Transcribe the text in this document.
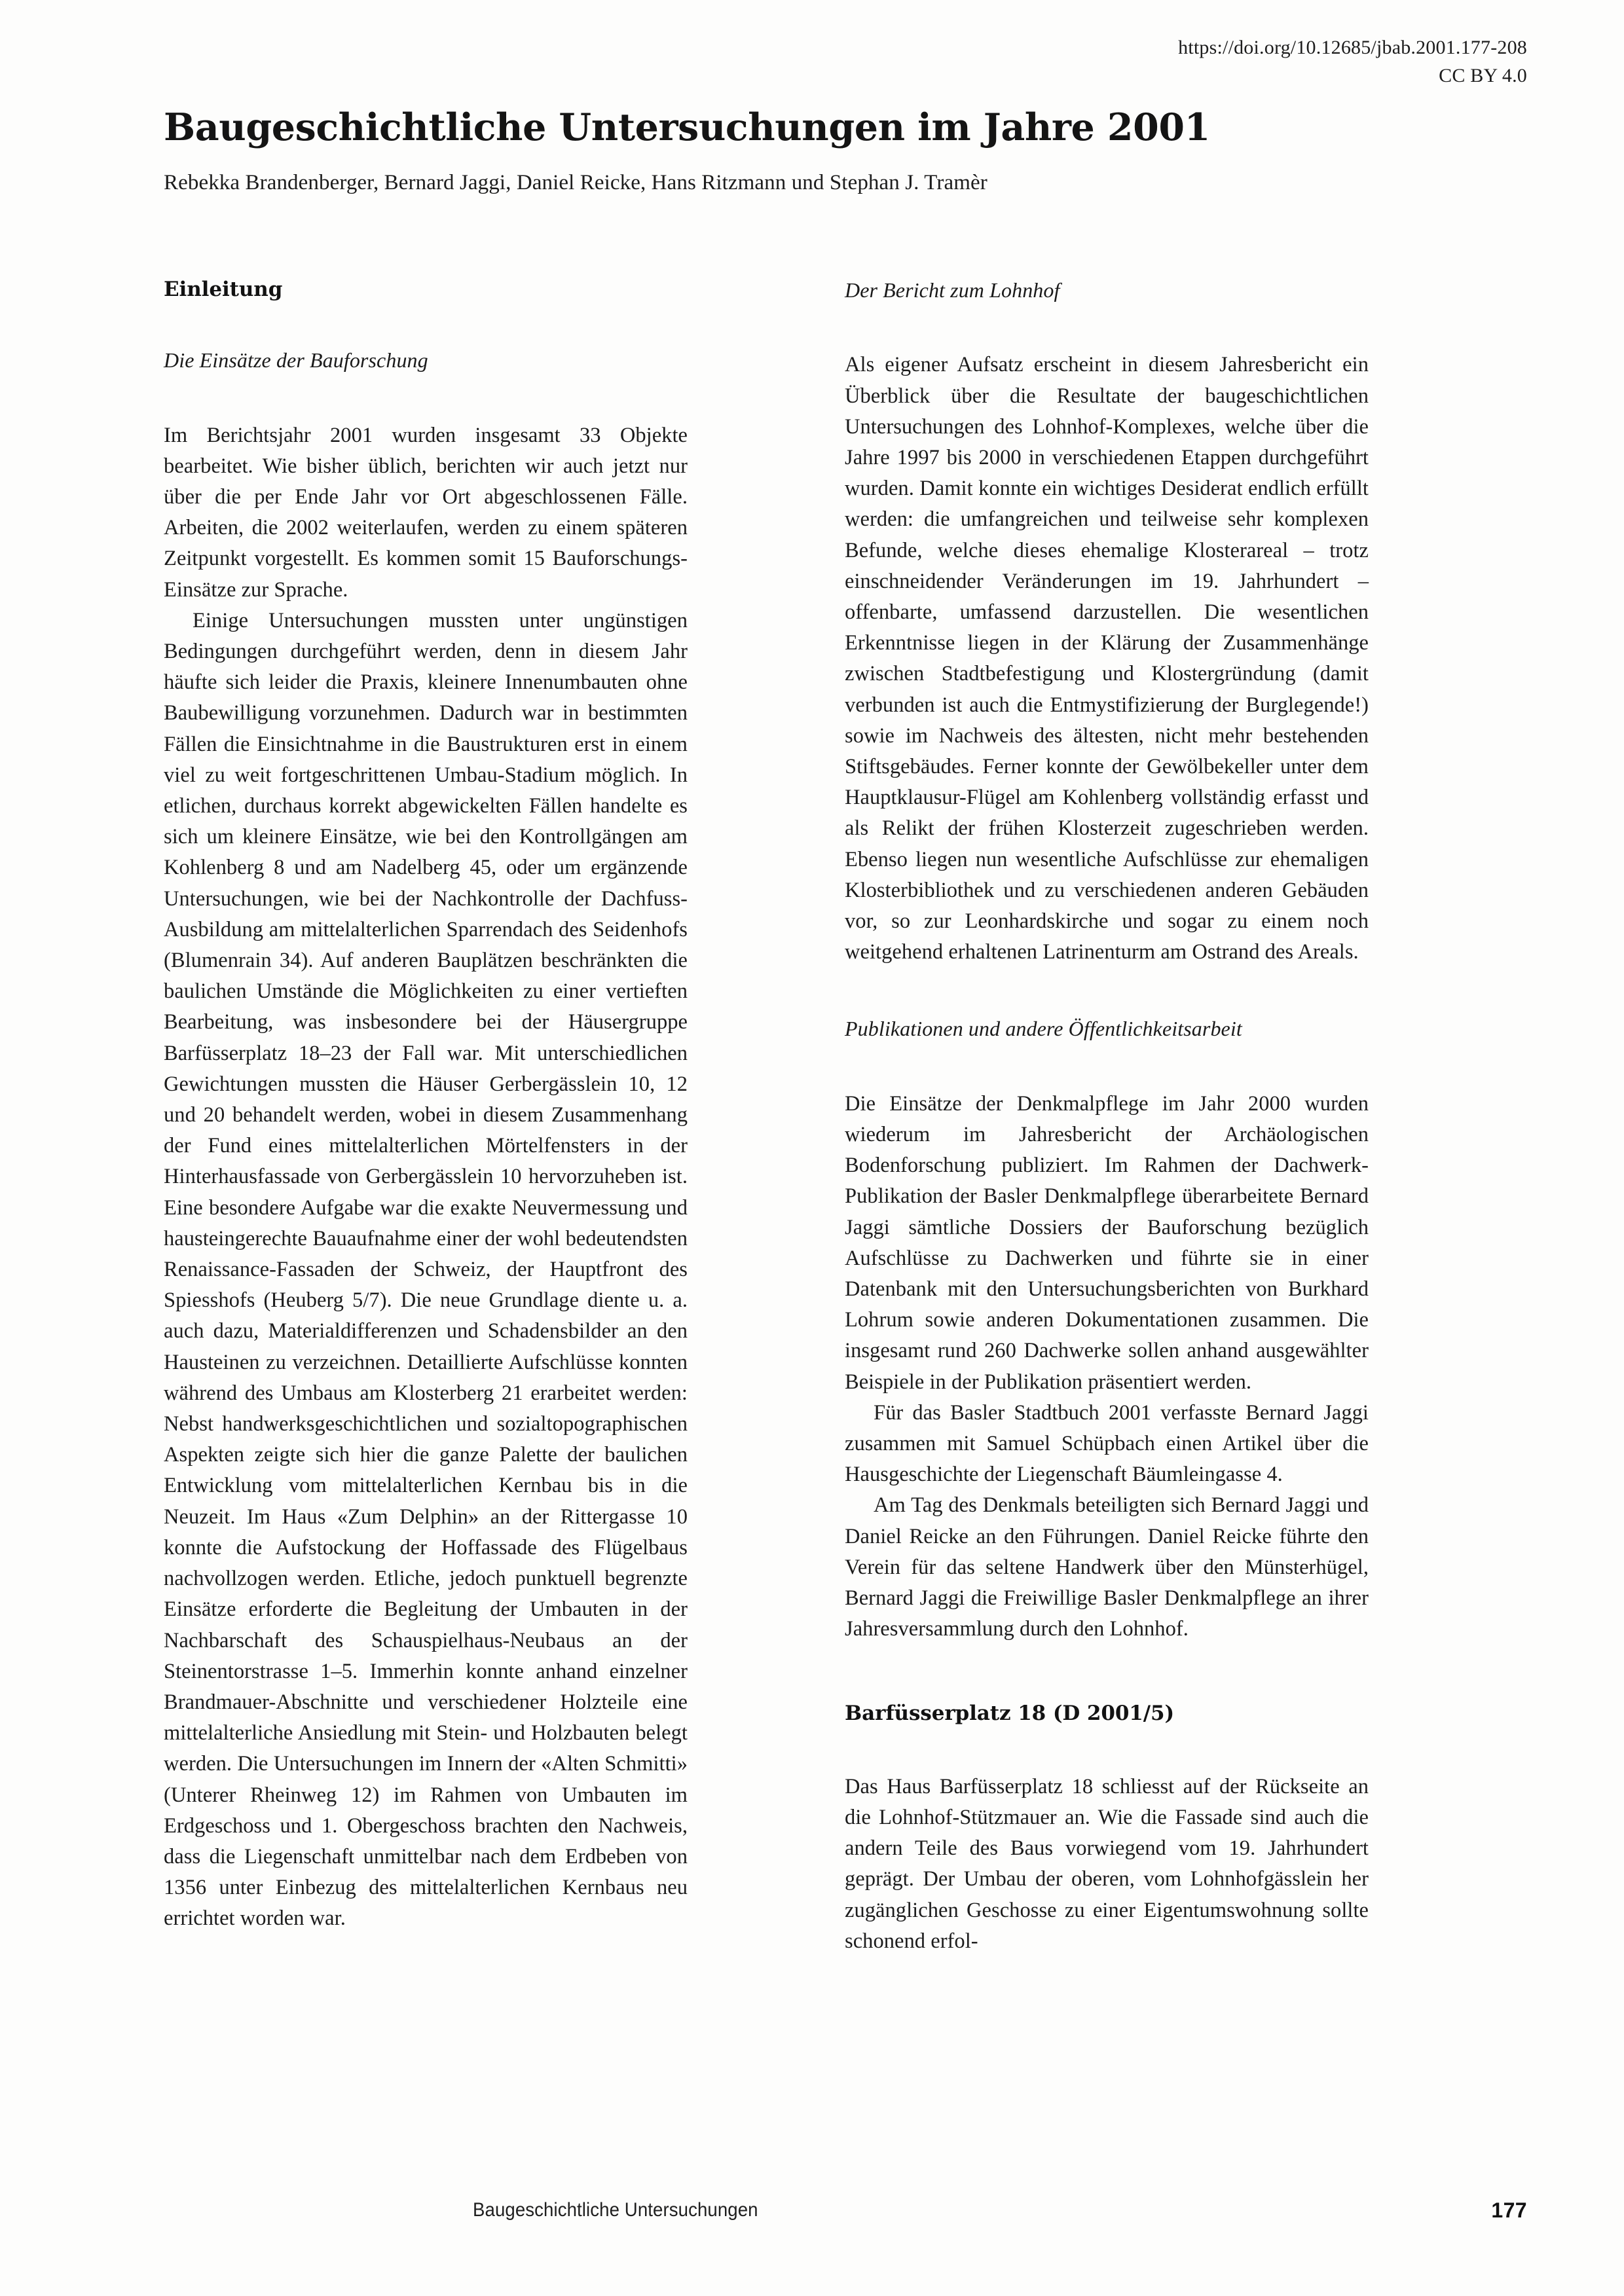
https://doi.org/10.12685/jbab.2001.177-208
CC BY 4.0
Baugeschichtliche Untersuchungen im Jahre 2001
Rebekka Brandenberger, Bernard Jaggi, Daniel Reicke, Hans Ritzmann und Stephan J. Tramèr
Einleitung
Die Einsätze der Bauforschung

Im Berichtsjahr 2001 wurden insgesamt 33 Objekte bearbeitet. Wie bisher üblich, berichten wir auch jetzt nur über die per Ende Jahr vor Ort abgeschlossenen Fälle. Arbeiten, die 2002 weiterlaufen, werden zu einem späteren Zeitpunkt vorgestellt. Es kommen somit 15 Bauforschungs-Einsätze zur Sprache.

Einige Untersuchungen mussten unter ungünstigen Bedingungen durchgeführt werden, denn in diesem Jahr häufte sich leider die Praxis, kleinere Innenumbauten ohne Baubewilligung vorzunehmen. Dadurch war in bestimmten Fällen die Einsichtnahme in die Baustrukturen erst in einem viel zu weit fortgeschrittenen Umbau-Stadium möglich. In etlichen, durchaus korrekt abgewickelten Fällen handelte es sich um kleinere Einsätze, wie bei den Kontrollgängen am Kohlenberg 8 und am Nadelberg 45, oder um ergänzende Untersuchungen, wie bei der Nachkontrolle der Dachfuss-Ausbildung am mittelalterlichen Sparrendach des Seidenhofs (Blumenrain 34). Auf anderen Bauplätzen beschränkten die baulichen Umstände die Möglichkeiten zu einer vertieften Bearbeitung, was insbesondere bei der Häusergruppe Barfüsserplatz 18–23 der Fall war. Mit unterschiedlichen Gewichtungen mussten die Häuser Gerbergässlein 10, 12 und 20 behandelt werden, wobei in diesem Zusammenhang der Fund eines mittelalterlichen Mörtelfensters in der Hinterhausfassade von Gerbergässlein 10 hervorzuheben ist. Eine besondere Aufgabe war die exakte Neuvermessung und hausteingerechte Bauaufnahme einer der wohl bedeutendsten Renaissance-Fassaden der Schweiz, der Hauptfront des Spiesshofs (Heuberg 5/7). Die neue Grundlage diente u. a. auch dazu, Materialdifferenzen und Schadensbilder an den Hausteinen zu verzeichnen. Detaillierte Aufschlüsse konnten während des Umbaus am Klosterberg 21 erarbeitet werden: Nebst handwerksgeschichtlichen und sozialtopographischen Aspekten zeigte sich hier die ganze Palette der baulichen Entwicklung vom mittelalterlichen Kernbau bis in die Neuzeit. Im Haus «Zum Delphin» an der Rittergasse 10 konnte die Aufstockung der Hoffassade des Flügelbaus nachvollzogen werden. Etliche, jedoch punktuell begrenzte Einsätze erforderte die Begleitung der Umbauten in der Nachbarschaft des Schauspielhaus-Neubaus an der Steinentorstrasse 1–5. Immerhin konnte anhand einzelner Brandmauer-Abschnitte und verschiedener Holzteile eine mittelalterliche Ansiedlung mit Stein- und Holzbauten belegt werden. Die Untersuchungen im Innern der «Alten Schmitti» (Unterer Rheinweg 12) im Rahmen von Umbauten im Erdgeschoss und 1. Obergeschoss brachten den Nachweis, dass die Liegenschaft unmittelbar nach dem Erdbeben von 1356 unter Einbezug des mittelalterlichen Kernbaus neu errichtet worden war.

Der Bericht zum Lohnhof

Als eigener Aufsatz erscheint in diesem Jahresbericht ein Überblick über die Resultate der baugeschichtlichen Untersuchungen des Lohnhof-Komplexes, welche über die Jahre 1997 bis 2000 in verschiedenen Etappen durchgeführt wurden. Damit konnte ein wichtiges Desiderat endlich erfüllt werden: die umfangreichen und teilweise sehr komplexen Befunde, welche dieses ehemalige Klosterareal – trotz einschneidender Veränderungen im 19. Jahrhundert – offenbarte, umfassend darzustellen. Die wesentlichen Erkenntnisse liegen in der Klärung der Zusammenhänge zwischen Stadtbefestigung und Klostergründung (damit verbunden ist auch die Entmystifizierung der Burglegende!) sowie im Nachweis des ältesten, nicht mehr bestehenden Stiftsgebäudes. Ferner konnte der Gewölbekeller unter dem Hauptklausur-Flügel am Kohlenberg vollständig erfasst und als Relikt der frühen Klosterzeit zugeschrieben werden. Ebenso liegen nun wesentliche Aufschlüsse zur ehemaligen Klosterbibliothek und zu verschiedenen anderen Gebäuden vor, so zur Leonhardskirche und sogar zu einem noch weitgehend erhaltenen Latrinenturm am Ostrand des Areals.

Publikationen und andere Öffentlichkeitsarbeit

Die Einsätze der Denkmalpflege im Jahr 2000 wurden wiederum im Jahresbericht der Archäologischen Bodenforschung publiziert. Im Rahmen der Dachwerk-Publikation der Basler Denkmalpflege überarbeitete Bernard Jaggi sämtliche Dossiers der Bauforschung bezüglich Aufschlüsse zu Dachwerken und führte sie in einer Datenbank mit den Untersuchungsberichten von Burkhard Lohrum sowie anderen Dokumentationen zusammen. Die insgesamt rund 260 Dachwerke sollen anhand ausgewählter Beispiele in der Publikation präsentiert werden.

Für das Basler Stadtbuch 2001 verfasste Bernard Jaggi zusammen mit Samuel Schüpbach einen Artikel über die Hausgeschichte der Liegenschaft Bäumleingasse 4.

Am Tag des Denkmals beteiligten sich Bernard Jaggi und Daniel Reicke an den Führungen. Daniel Reicke führte den Verein für das seltene Handwerk über den Münsterhügel, Bernard Jaggi die Freiwillige Basler Denkmalpflege an ihrer Jahresversammlung durch den Lohnhof.

Barfüsserplatz 18 (D 2001/5)

Das Haus Barfüsserplatz 18 schliesst auf der Rückseite an die Lohnhof-Stützmauer an. Wie die Fassade sind auch die andern Teile des Baus vorwiegend vom 19. Jahrhundert geprägt. Der Umbau der oberen, vom Lohnhofgässlein her zugänglichen Geschosse zu einer Eigentumswohnung sollte schonend erfol-

Baugeschichtliche Untersuchungen	177
